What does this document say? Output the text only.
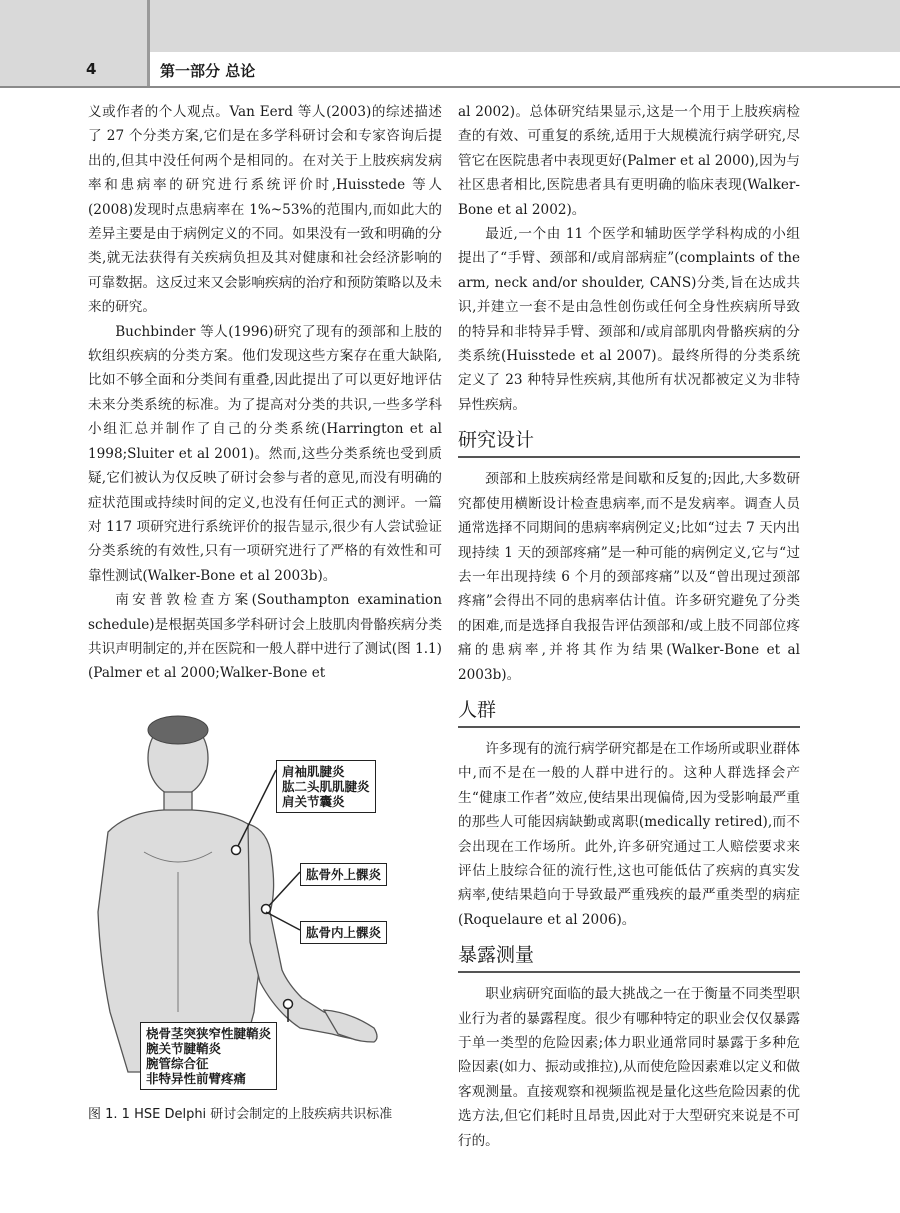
4	第一部分 总论

义或作者的个人观点。Van Eerd 等人(2003)的综述描述了 27 个分类方案,它们是在多学科研讨会和专家咨询后提出的,但其中没任何两个是相同的。在对关于上肢疾病发病率和患病率的研究进行系统评价时,Huisstede 等人(2008)发现时点患病率在 1%~53%的范围内,而如此大的差异主要是由于病例定义的不同。如果没有一致和明确的分类,就无法获得有关疾病负担及其对健康和社会经济影响的可靠数据。这反过来又会影响疾病的治疗和预防策略以及未来的研究。

Buchbinder 等人(1996)研究了现有的颈部和上肢的软组织疾病的分类方案。他们发现这些方案存在重大缺陷,比如不够全面和分类间有重叠,因此提出了可以更好地评估未来分类系统的标准。为了提高对分类的共识,一些多学科小组汇总并制作了自己的分类系统(Harrington et al 1998;Sluiter et al 2001)。然而,这些分类系统也受到质疑,它们被认为仅反映了研讨会参与者的意见,而没有明确的症状范围或持续时间的定义,也没有任何正式的测评。一篇对 117 项研究进行系统评价的报告显示,很少有人尝试验证分类系统的有效性,只有一项研究进行了严格的有效性和可靠性测试(Walker-Bone et al 2003b)。

南安普敦检查方案(Southampton examination schedule)是根据英国多学科研讨会上肢肌肉骨骼疾病分类共识声明制定的,并在医院和一般人群中进行了测试(图 1.1)(Palmer et al 2000;Walker-Bone et

肩袖肌腱炎
肱二头肌肌腱炎
肩关节囊炎
肱骨外上髁炎
肱骨内上髁炎
桡骨茎突狭窄性腱鞘炎
腕关节腱鞘炎
腕管综合征
非特异性前臂疼痛
图 1. 1 HSE Delphi 研讨会制定的上肢疾病共识标准

al 2002)。总体研究结果显示,这是一个用于上肢疾病检查的有效、可重复的系统,适用于大规模流行病学研究,尽管它在医院患者中表现更好(Palmer et al 2000),因为与社区患者相比,医院患者具有更明确的临床表现(Walker-Bone et al 2002)。

最近,一个由 11 个医学和辅助医学学科构成的小组提出了“手臂、颈部和/或肩部病症”(complaints of the arm, neck and/or shoulder, CANS)分类,旨在达成共识,并建立一套不是由急性创伤或任何全身性疾病所导致的特异和非特异手臂、颈部和/或肩部肌肉骨骼疾病的分类系统(Huisstede et al 2007)。最终所得的分类系统定义了 23 种特异性疾病,其他所有状况都被定义为非特异性疾病。

研究设计

颈部和上肢疾病经常是间歇和反复的;因此,大多数研究都使用横断设计检查患病率,而不是发病率。调查人员通常选择不同期间的患病率病例定义;比如“过去 7 天内出现持续 1 天的颈部疼痛”是一种可能的病例定义,它与“过去一年出现持续 6 个月的颈部疼痛”以及“曾出现过颈部疼痛”会得出不同的患病率估计值。许多研究避免了分类的困难,而是选择自我报告评估颈部和/或上肢不同部位疼痛的患病率,并将其作为结果(Walker-Bone et al 2003b)。

人群

许多现有的流行病学研究都是在工作场所或职业群体中,而不是在一般的人群中进行的。这种人群选择会产生“健康工作者”效应,使结果出现偏倚,因为受影响最严重的那些人可能因病缺勤或离职(medically retired),而不会出现在工作场所。此外,许多研究通过工人赔偿要求来评估上肢综合征的流行性,这也可能低估了疾病的真实发病率,使结果趋向于导致最严重残疾的最严重类型的病症(Roquelaure et al 2006)。

暴露测量

职业病研究面临的最大挑战之一在于衡量不同类型职业行为者的暴露程度。很少有哪种特定的职业会仅仅暴露于单一类型的危险因素;体力职业通常同时暴露于多种危险因素(如力、振动或推拉),从而使危险因素难以定义和做客观测量。直接观察和视频监视是量化这些危险因素的优选方法,但它们耗时且昂贵,因此对于大型研究来说是不可行的。
